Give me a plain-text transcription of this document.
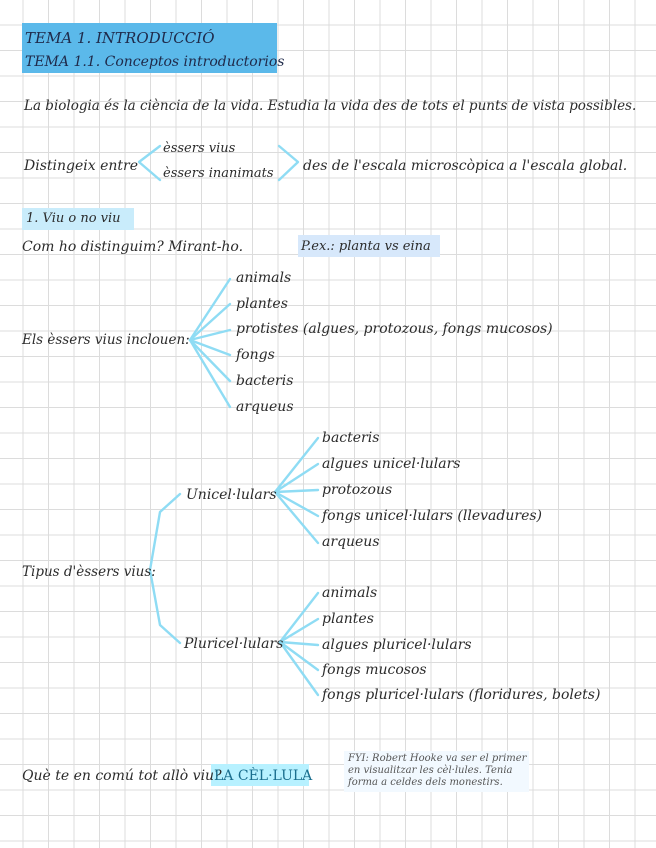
TEMA 1. INTRODUCCIÓ
TEMA 1.1. Conceptos introductorios
La biologia és la ciència de la vida. Estudia la vida des de tots el punts de vista possibles.
Distingeix entre
èssers vius
èssers inanimats des de l'escala microscòpica a l'escala global.
1. Viu o no viu
Com ho distinguim? Mirant-ho.	P.ex.: planta vs eina
Els èssers vius inclouen:
animals
plantes
protistes (algues, protozous, fongs mucosos)
fongs
bacteris
arqueus
Tipus d'èssers vius:
Unicel·lulars
bacteris
algues unicel·lulars
protozous
fongs unicel·lulars (llevadures)
arqueus
Pluricel·lulars
animals
plantes
algues pluricel·lulars
fongs mucosos
fongs pluricel·lulars (floridures, bolets)
Què te en comú tot allò viu?
LA CÈL·LULA
FYI: Robert Hooke va ser el primer en visualitzar les cèl·lules. Tenia forma a celdes dels monestirs.
